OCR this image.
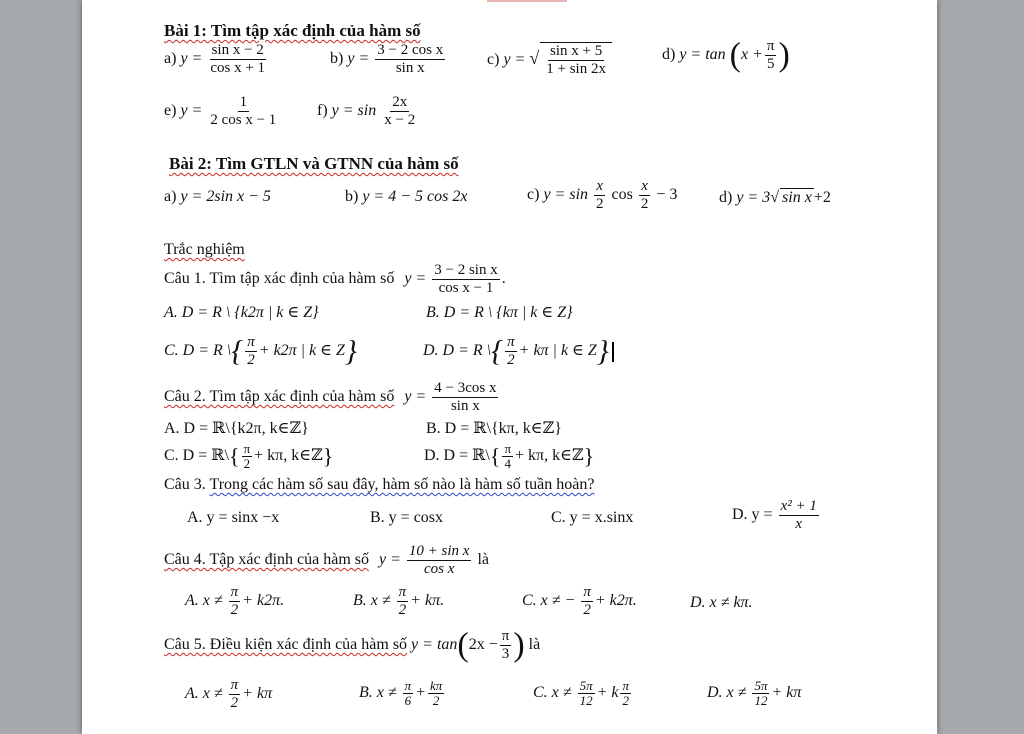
Bài 1: Tìm tập xác định của hàm số
a) $y = \frac{\text{sin x − 2}}{\text{cos x + 1}}$	b) $y = \frac{\text{3 − 2 cos x}}{\text{sin x}}$	c) y = √ $\frac{\text{sin x + 5}}{1 + \sin 2x}$	d) $y = \tan (x + \frac{\pi}{5}$ )
e) $y = \frac{1}{\text{2 cos x − 1}} f$) $y = \sin \frac{2x}{x - 2}$
Bài 2: Tìm GTLN và GTNN của hàm số
a) y = 2sin x − 5	b) y = 4 − 5 cos 2x	c) $y = \sin \frac{x}{2}$ $\cos \frac{x}{2} - 3$	d) y = 3√ sin x +2
Trắc nghiệm
Câu 1. Tìm tập xác định của hàm số $y = \frac{\text{3 − 2 sin x}}{\text{cos x − 1}}$ .
A. D = R \ {k2π | k ∈ Z}	B. D = R \ {kπ | k ∈ Z}
C. D = R \{ $\frac{\pi}{2} + k2\pi$ | k ∈ Z}	D. D = R \{ $\frac{\pi}{2} + k\pi$ | k ∈ Z}
Câu 2. Tìm tập xác định của hàm số $y = \frac{\text{4 − 3cos x}}{\text{sin x}}$
A. D = ℝ\{k2π, k∈ℤ}	B. D = ℝ\{kπ, k∈ℤ}
C. D = ℝ\{ $\frac{\pi}{2} + k\pi$, k∈ℤ}	D. D = ℝ\{ $\frac{\pi}{4} + k\pi$, k∈ℤ}
Câu 3. Trong các hàm số sau đây, hàm số nào là hàm số tuần hoàn?
A. y = sinx −x	B. y = cosx	C. y = x.sinx	D. $y = \frac{\text{x² + 1}}{x}$
Câu 4. Tập xác định của hàm số $y = \frac{\text{10 + sin x}}{\text{cos x}}$ là
A. $x \ne \frac{\pi}{2} + k2\pi$.	B. $x \ne \frac{\pi}{2} + k\pi$.	C. x ≠ − $\frac{\pi}{2} + k2\pi$.	D. x ≠ kπ.
Câu 5. Điều kiện xác định của hàm số $y = \tan(2x - \frac{\pi}{3}$ ) là
A. $x \ne \frac{\pi}{2} + k\pi$	B. $x \ne \frac{\pi}{6} + \frac{k\pi}{2}$	C. $x \ne \frac{5\pi}{12} + k \frac{\pi}{2}$	D. $x \ne \frac{5\pi}{12} + k\pi$
